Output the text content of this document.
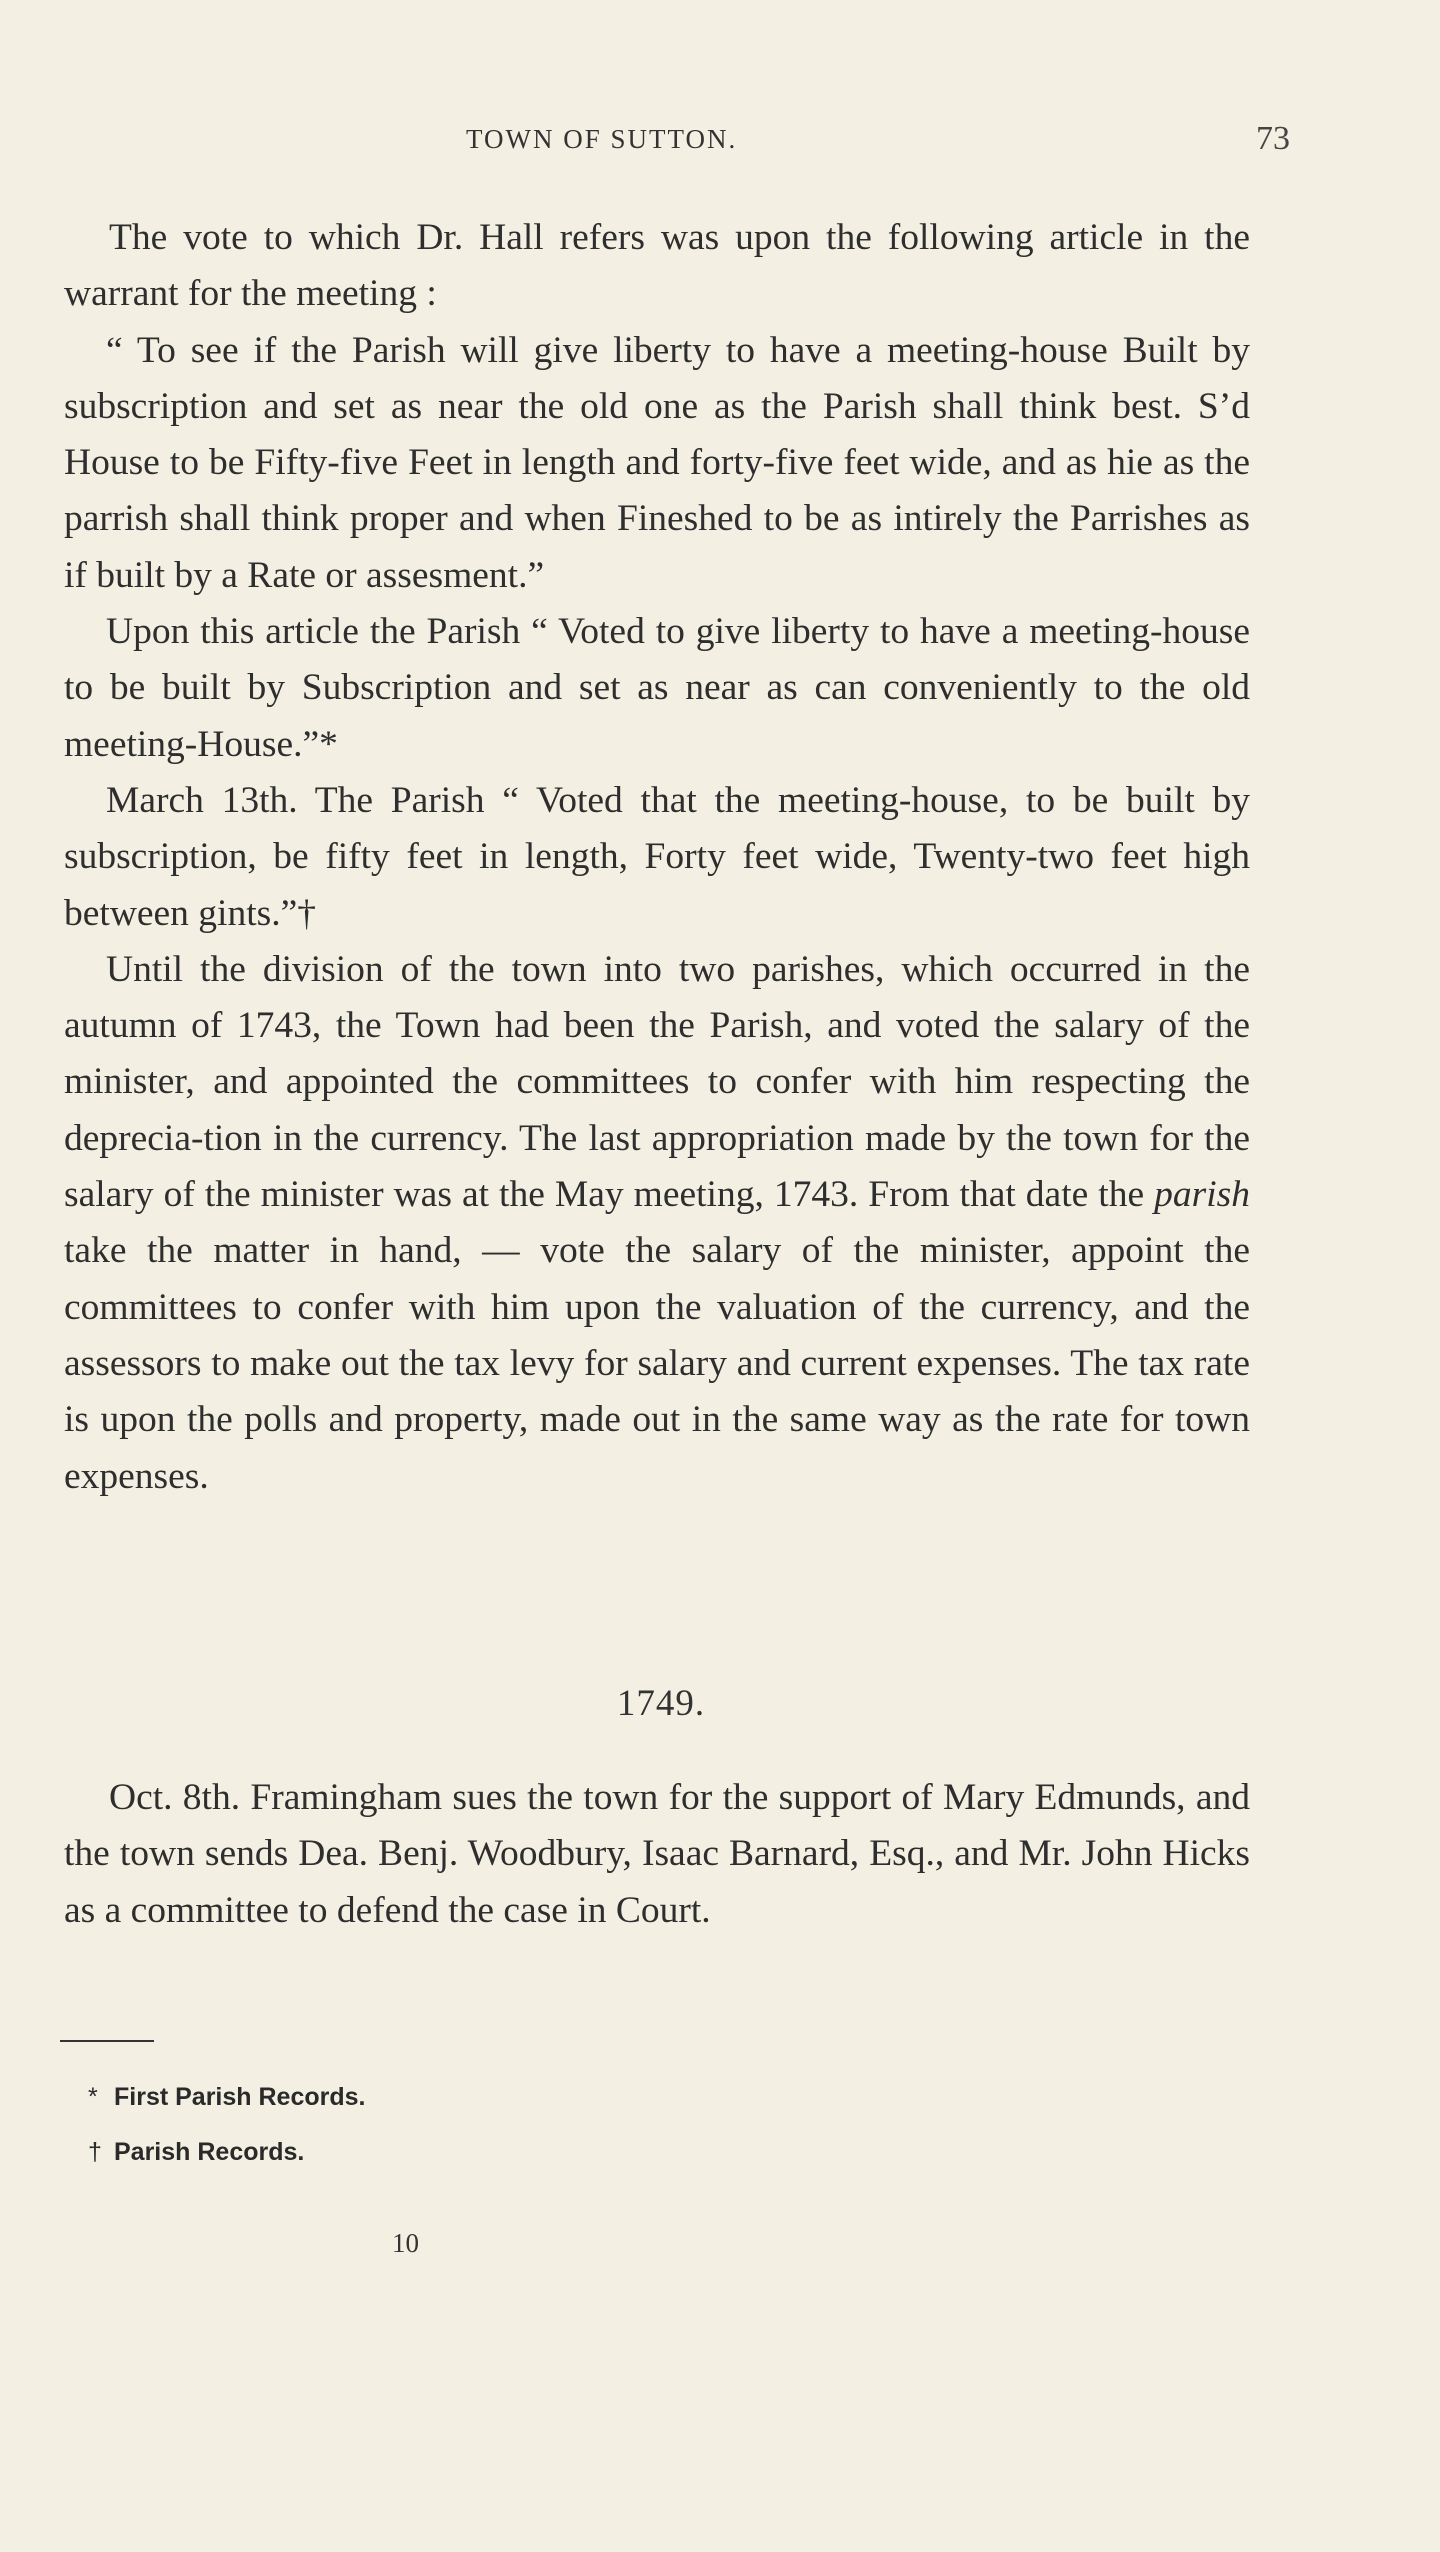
TOWN OF SUTTON.	73

The vote to which Dr. Hall refers was upon the following article in the warrant for the meeting :

“ To see if the Parish will give liberty to have a meeting-house Built by subscription and set as near the old one as the Parish shall think best. S’d House to be Fifty-five Feet in length and forty-five feet wide, and as hie as the parrish shall think proper and when Fineshed to be as intirely the Parrishes as if built by a Rate or assesment.”

Upon this article the Parish “ Voted to give liberty to have a meeting-house to be built by Subscription and set as near as can conveniently to the old meeting-House.”*

March 13th. The Parish “ Voted that the meeting-house, to be built by subscription, be fifty feet in length, Forty feet wide, Twenty-two feet high between gints.”†

Until the division of the town into two parishes, which occurred in the autumn of 1743, the Town had been the Parish, and voted the salary of the minister, and appointed the committees to confer with him respecting the deprecia-tion in the currency. The last appropriation made by the town for the salary of the minister was at the May meeting, 1743. From that date the parish take the matter in hand, — vote the salary of the minister, appoint the committees to confer with him upon the valuation of the currency, and the assessors to make out the tax levy for salary and current expenses. The tax rate is upon the polls and property, made out in the same way as the rate for town expenses.

1749.

Oct. 8th. Framingham sues the town for the support of Mary Edmunds, and the town sends Dea. Benj. Woodbury, Isaac Barnard, Esq., and Mr. John Hicks as a committee to defend the case in Court.

* First Parish Records.
† Parish Records.
10
